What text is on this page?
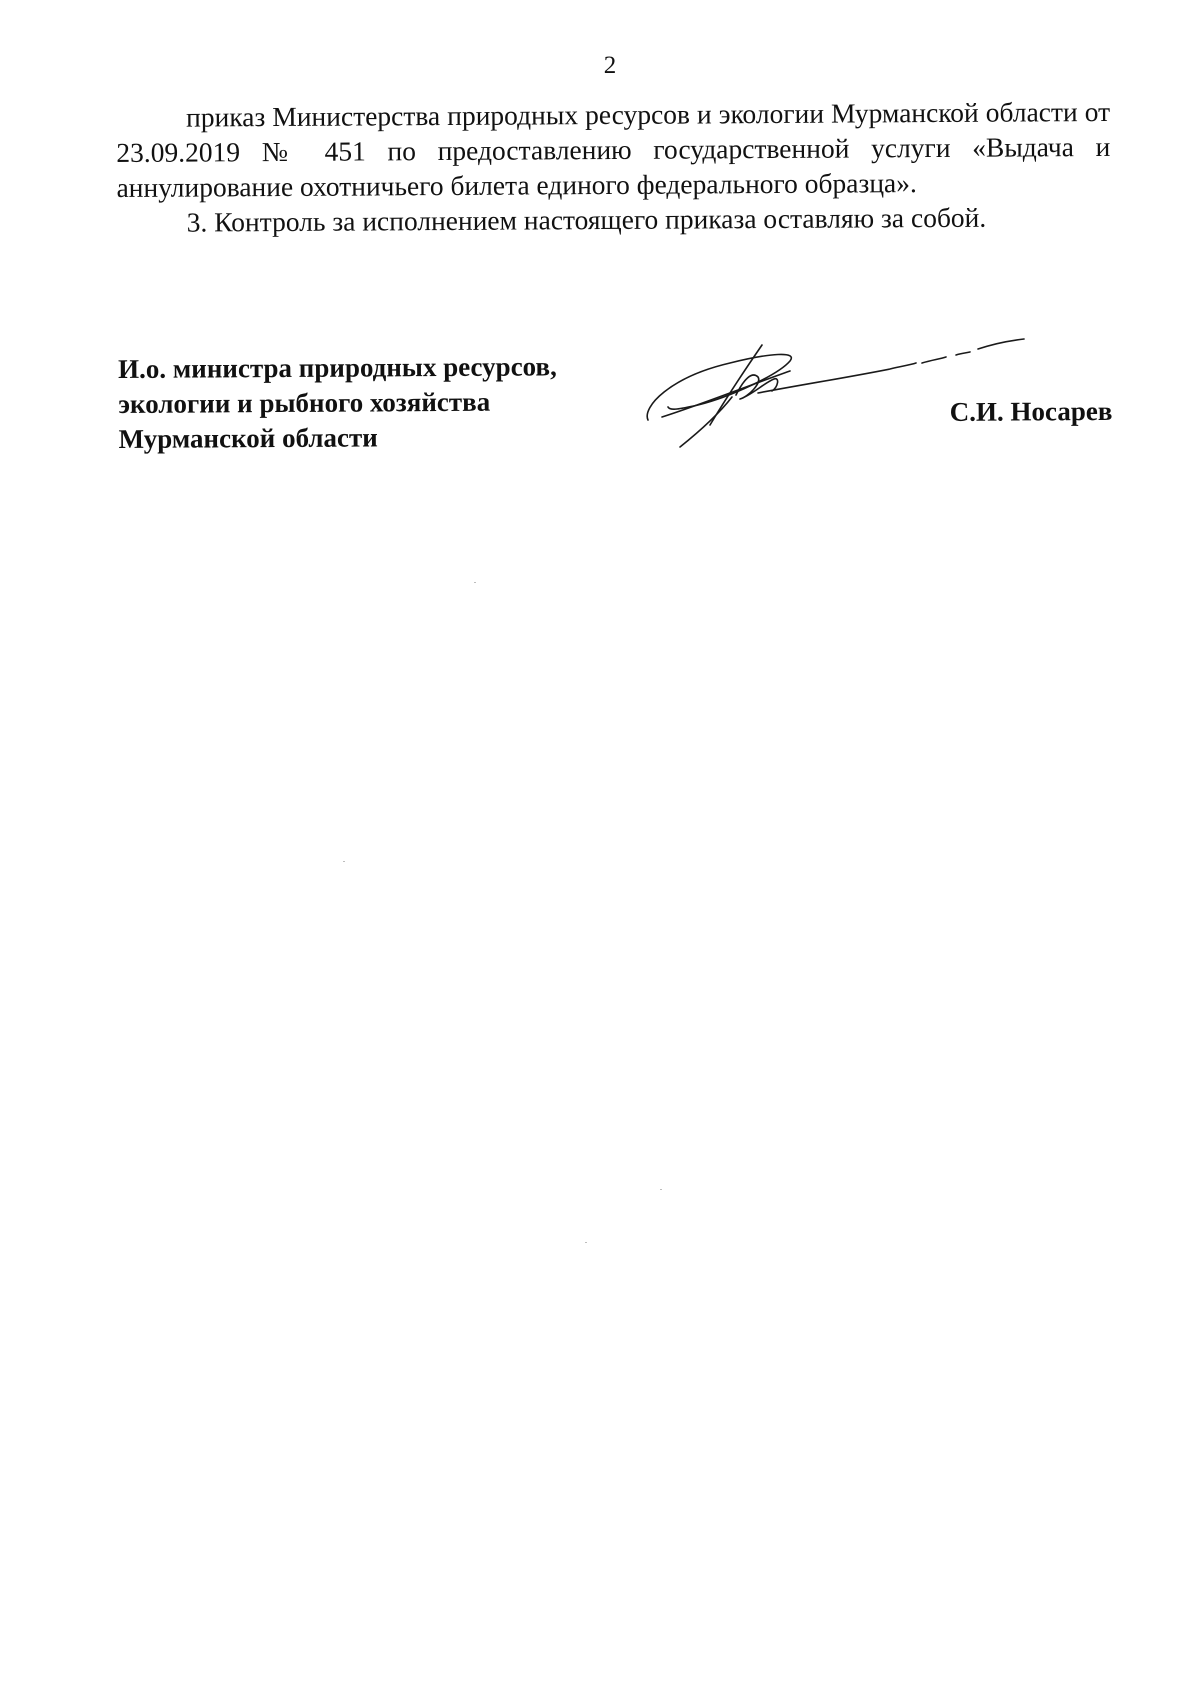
2

приказ Министерства природных ресурсов и экологии Мурманской области от 23.09.2019 № 451 по предоставлению государственной услуги «Выдача и аннулирование охотничьего билета единого федерального образца».

3. Контроль за исполнением настоящего приказа оставляю за собой.

И.о. министра природных ресурсов,
экологии и рыбного хозяйства
Мурманской области
С.И. Носарев
